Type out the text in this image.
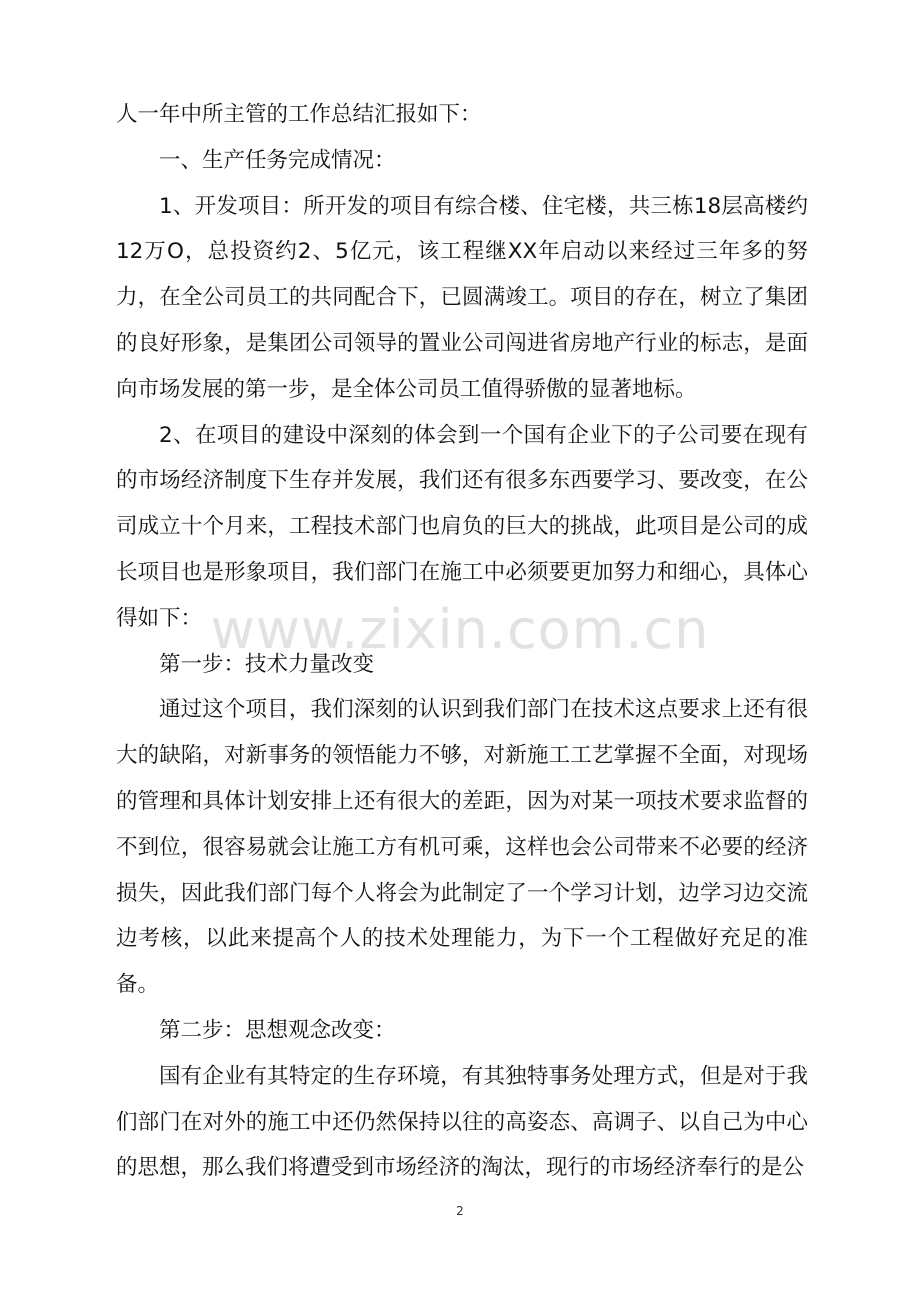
人一年中所主管的工作总结汇报如下：

一、生产任务完成情况：

1、开发项目：所开发的项目有综合楼、住宅楼，共三栋18层高楼约12万O，总投资约2、5亿元，该工程继XX年启动以来经过三年多的努力，在全公司员工的共同配合下，已圆满竣工。项目的存在，树立了集团的良好形象，是集团公司领导的置业公司闯进省房地产行业的标志，是面向市场发展的第一步，是全体公司员工值得骄傲的显著地标。

2、在项目的建设中深刻的体会到一个国有企业下的子公司要在现有的市场经济制度下生存并发展，我们还有很多东西要学习、要改变，在公司成立十个月来，工程技术部门也肩负的巨大的挑战，此项目是公司的成长项目也是形象项目，我们部门在施工中必须要更加努力和细心，具体心得如下：

第一步：技术力量改变

通过这个项目，我们深刻的认识到我们部门在技术这点要求上还有很大的缺陷，对新事务的领悟能力不够，对新施工工艺掌握不全面，对现场的管理和具体计划安排上还有很大的差距，因为对某一项技术要求监督的不到位，很容易就会让施工方有机可乘，这样也会公司带来不必要的经济损失，因此我们部门每个人将会为此制定了一个学习计划，边学习边交流边考核，以此来提高个人的技术处理能力，为下一个工程做好充足的准备。

第二步：思想观念改变：

国有企业有其特定的生存环境，有其独特事务处理方式，但是对于我们部门在对外的施工中还仍然保持以往的高姿态、高调子、以自己为中心的思想，那么我们将遭受到市场经济的淘汰，现行的市场经济奉行的是公

www.zixin.com.cn
2
